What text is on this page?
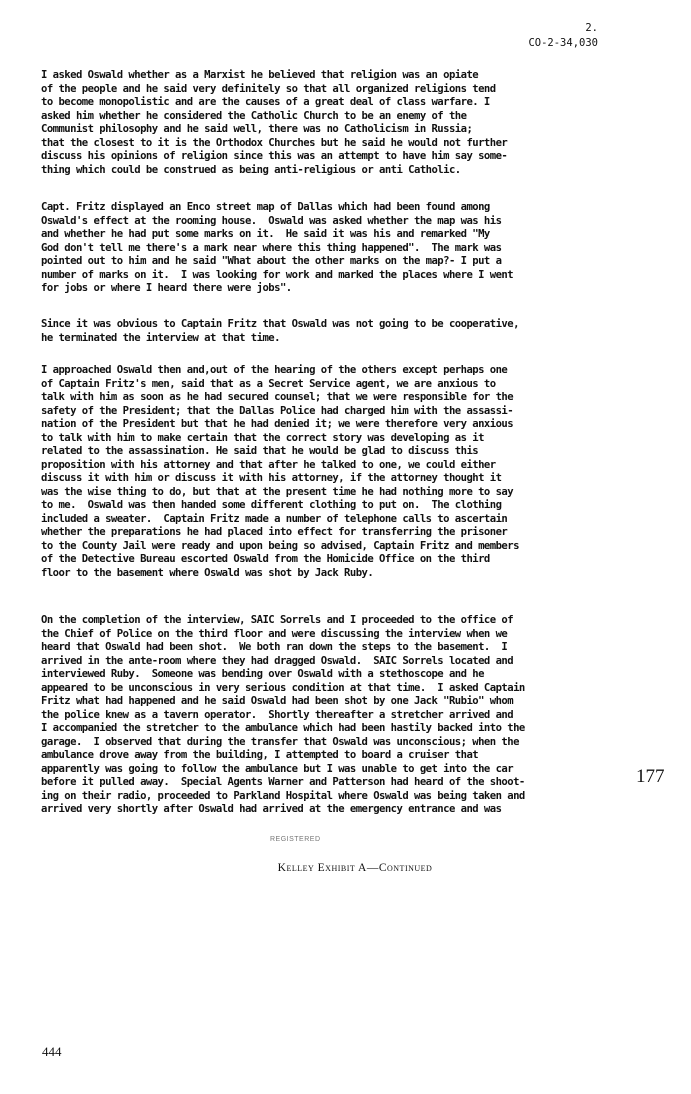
2.
CO-2-34,030

I asked Oswald whether as a Marxist he believed that religion was an opiate
of the people and he said very definitely so that all organized religions tend
to become monopolistic and are the causes of a great deal of class warfare. I
asked him whether he considered the Catholic Church to be an enemy of the
Communist philosophy and he said well, there was no Catholicism in Russia;
that the closest to it is the Orthodox Churches but he said he would not further
discuss his opinions of religion since this was an attempt to have him say some-
thing which could be construed as being anti-religious or anti Catholic.

Capt. Fritz displayed an Enco street map of Dallas which had been found among
Oswald's effect at the rooming house.  Oswald was asked whether the map was his
and whether he had put some marks on it.  He said it was his and remarked "My
God don't tell me there's a mark near where this thing happened".  The mark was
pointed out to him and he said "What about the other marks on the map?- I put a
number of marks on it.  I was looking for work and marked the places where I went
for jobs or where I heard there were jobs".

Since it was obvious to Captain Fritz that Oswald was not going to be cooperative,
he terminated the interview at that time.

I approached Oswald then and,out of the hearing of the others except perhaps one
of Captain Fritz's men, said that as a Secret Service agent, we are anxious to
talk with him as soon as he had secured counsel; that we were responsible for the
safety of the President; that the Dallas Police had charged him with the assassi-
nation of the President but that he had denied it; we were therefore very anxious
to talk with him to make certain that the correct story was developing as it
related to the assassination. He said that he would be glad to discuss this
proposition with his attorney and that after he talked to one, we could either
discuss it with him or discuss it with his attorney, if the attorney thought it
was the wise thing to do, but that at the present time he had nothing more to say
to me.  Oswald was then handed some different clothing to put on.  The clothing
included a sweater.  Captain Fritz made a number of telephone calls to ascertain
whether the preparations he had placed into effect for transferring the prisoner
to the County Jail were ready and upon being so advised, Captain Fritz and members
of the Detective Bureau escorted Oswald from the Homicide Office on the third
floor to the basement where Oswald was shot by Jack Ruby.

On the completion of the interview, SAIC Sorrels and I proceeded to the office of
the Chief of Police on the third floor and were discussing the interview when we
heard that Oswald had been shot.  We both ran down the steps to the basement.  I
arrived in the ante-room where they had dragged Oswald.  SAIC Sorrels located and
interviewed Ruby.  Someone was bending over Oswald with a stethoscope and he
appeared to be unconscious in very serious condition at that time.  I asked Captain
Fritz what had happened and he said Oswald had been shot by one Jack "Rubio" whom
the police knew as a tavern operator.  Shortly thereafter a stretcher arrived and
I accompanied the stretcher to the ambulance which had been hastily backed into the
garage.  I observed that during the transfer that Oswald was unconscious; when the
ambulance drove away from the building, I attempted to board a cruiser that
apparently was going to follow the ambulance but I was unable to get into the car
before it pulled away.  Special Agents Warner and Patterson had heard of the shoot-
ing on their radio, proceeded to Parkland Hospital where Oswald was being taken and
arrived very shortly after Oswald had arrived at the emergency entrance and was

177
REGISTERED
Kelley Exhibit A—Continued
444
